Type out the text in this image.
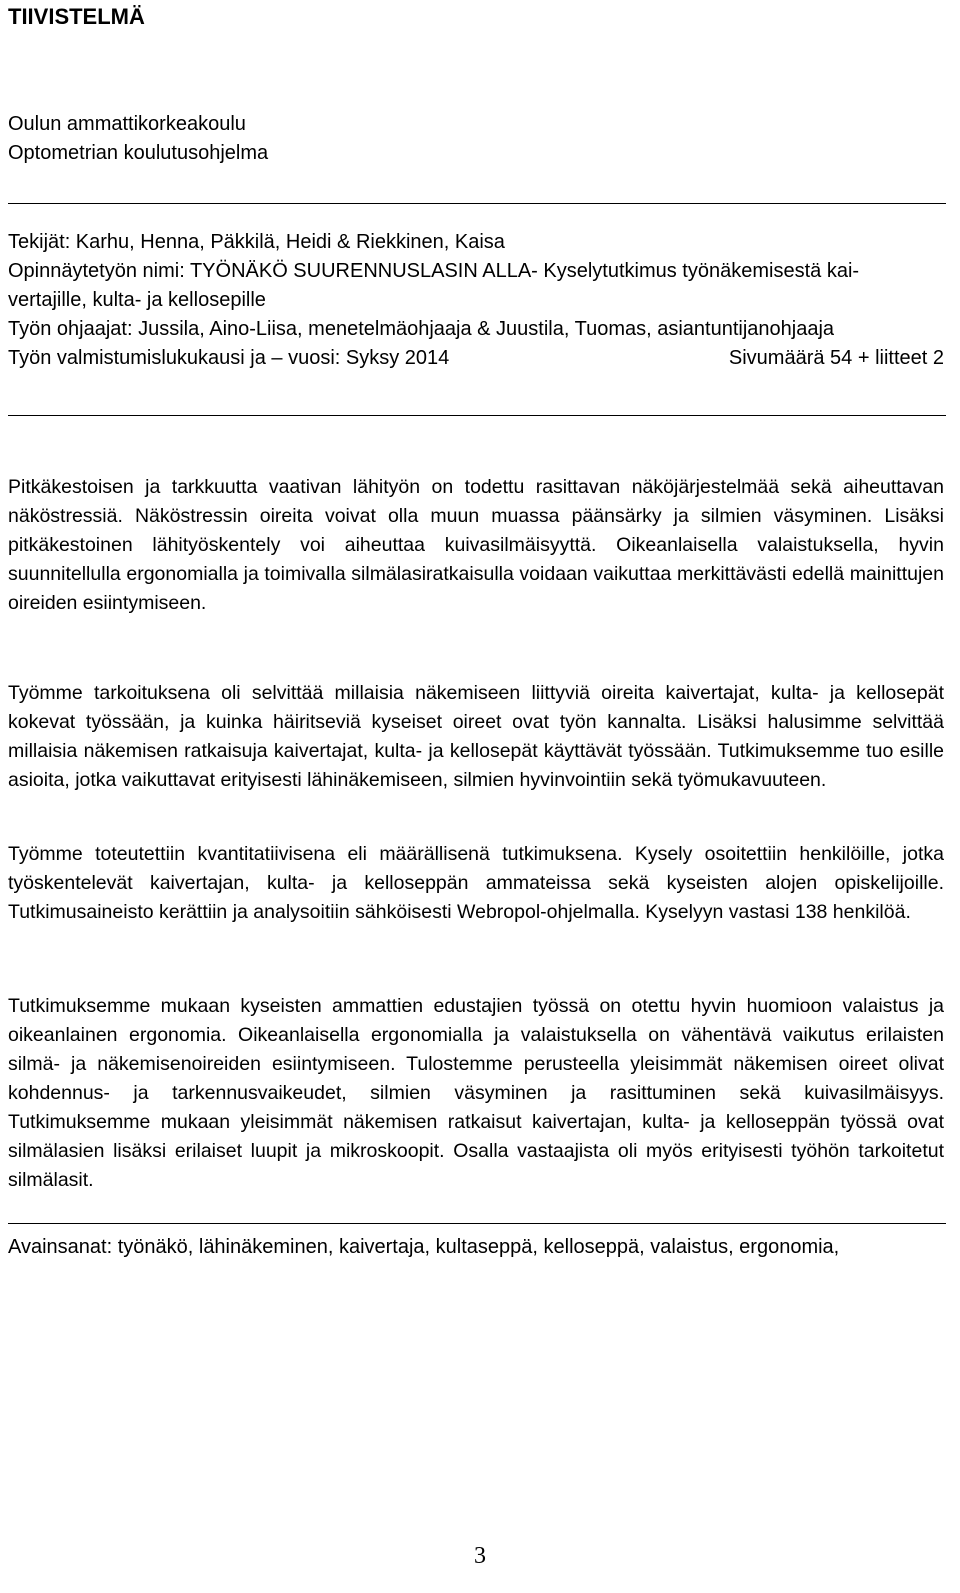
TIIVISTELMÄ
Oulun ammattikorkeakoulu
Optometrian koulutusohjelma
Tekijät: Karhu, Henna, Päkkilä, Heidi & Riekkinen, Kaisa
Opinnäytetyön nimi: TYÖNÄKÖ SUURENNUSLASIN ALLA- Kyselytutkimus työnäkemisestä kai-
vertajille, kulta- ja kellosepille
Työn ohjaajat: Jussila, Aino-Liisa, menetelmäohjaaja & Juustila, Tuomas, asiantuntijanohjaaja
Työn valmistumislukukausi ja – vuosi: Syksy 2014	Sivumäärä 54 + liitteet 2
Pitkäkestoisen ja tarkkuutta vaativan lähityön on todettu rasittavan näköjärjestelmää sekä aiheuttavan näköstressiä. Näköstressin oireita voivat olla muun muassa päänsärky ja silmien väsyminen. Lisäksi pitkäkestoinen lähityöskentely voi aiheuttaa kuivasilmäisyyttä. Oikeanlaisella valaistuksella, hyvin suunnitellulla ergonomialla ja toimivalla silmälasiratkaisulla voidaan vaikuttaa merkittävästi edellä mainittujen oireiden esiintymiseen.
Työmme tarkoituksena oli selvittää millaisia näkemiseen liittyviä oireita kaivertajat, kulta- ja kellosepät kokevat työssään, ja kuinka häiritseviä kyseiset oireet ovat työn kannalta. Lisäksi halusimme selvittää millaisia näkemisen ratkaisuja kaivertajat, kulta- ja kellosepät käyttävät työssään. Tutkimuksemme tuo esille asioita, jotka vaikuttavat erityisesti lähinäkemiseen, silmien hyvinvointiin sekä työmukavuuteen.
Työmme toteutettiin kvantitatiivisena eli määrällisenä tutkimuksena. Kysely osoitettiin henkilöille, jotka työskentelevät kaivertajan, kulta- ja kelloseppän ammateissa sekä kyseisten alojen opiskelijoille. Tutkimusaineisto kerättiin ja analysoitiin sähköisesti Webropol-ohjelmalla. Kyselyyn vastasi 138 henkilöä.
Tutkimuksemme mukaan kyseisten ammattien edustajien työssä on otettu hyvin huomioon valaistus ja oikeanlainen ergonomia. Oikeanlaisella ergonomialla ja valaistuksella on vähentävä vaikutus erilaisten silmä- ja näkemisenoireiden esiintymiseen. Tulostemme perusteella yleisimmät näkemisen oireet olivat kohdennus- ja tarkennusvaikeudet, silmien väsyminen ja rasittuminen sekä kuivasilmäisyys. Tutkimuksemme mukaan yleisimmät näkemisen ratkaisut kaivertajan, kulta- ja kelloseppän työssä ovat silmälasien lisäksi erilaiset luupit ja mikroskoopit. Osalla vastaajista oli myös erityisesti työhön tarkoitetut silmälasit.
Avainsanat: työnäkö, lähinäkeminen, kaivertaja, kultaseppä, kelloseppä, valaistus, ergonomia,
3
